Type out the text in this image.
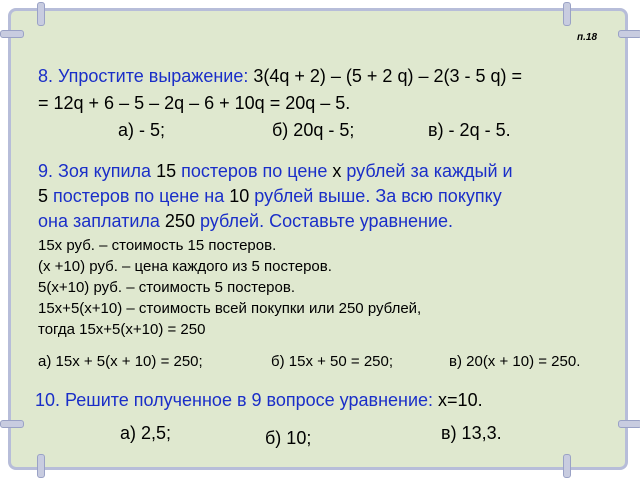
п.18
8. Упростите выражение: 3(4q + 2) – (5 + 2 q) – 2(3 - 5 q) =
= 12q + 6 – 5 – 2q – 6 + 10q = 20q – 5.
а) - 5;	б) 20q - 5;	в) - 2q - 5.
9. Зоя купила 15 постеров по цене x рублей за каждый и
5 постеров по цене на 10 рублей выше. За всю покупку
она заплатила 250 рублей. Составьте уравнение.
15х руб. – стоимость 15 постеров.
(х +10) руб. – цена каждого из 5 постеров.
5(х+10) руб. – стоимость 5 постеров.
15х+5(х+10) – стоимость всей покупки или 250 рублей,
тогда 15х+5(х+10) = 250
а) 15х + 5(х + 10) = 250;	б) 15х + 50 = 250;	в) 20(х + 10) = 250.
10. Решите полученное в 9 вопросе уравнение: х=10.
а) 2,5;	б) 10;	в) 13,3.
